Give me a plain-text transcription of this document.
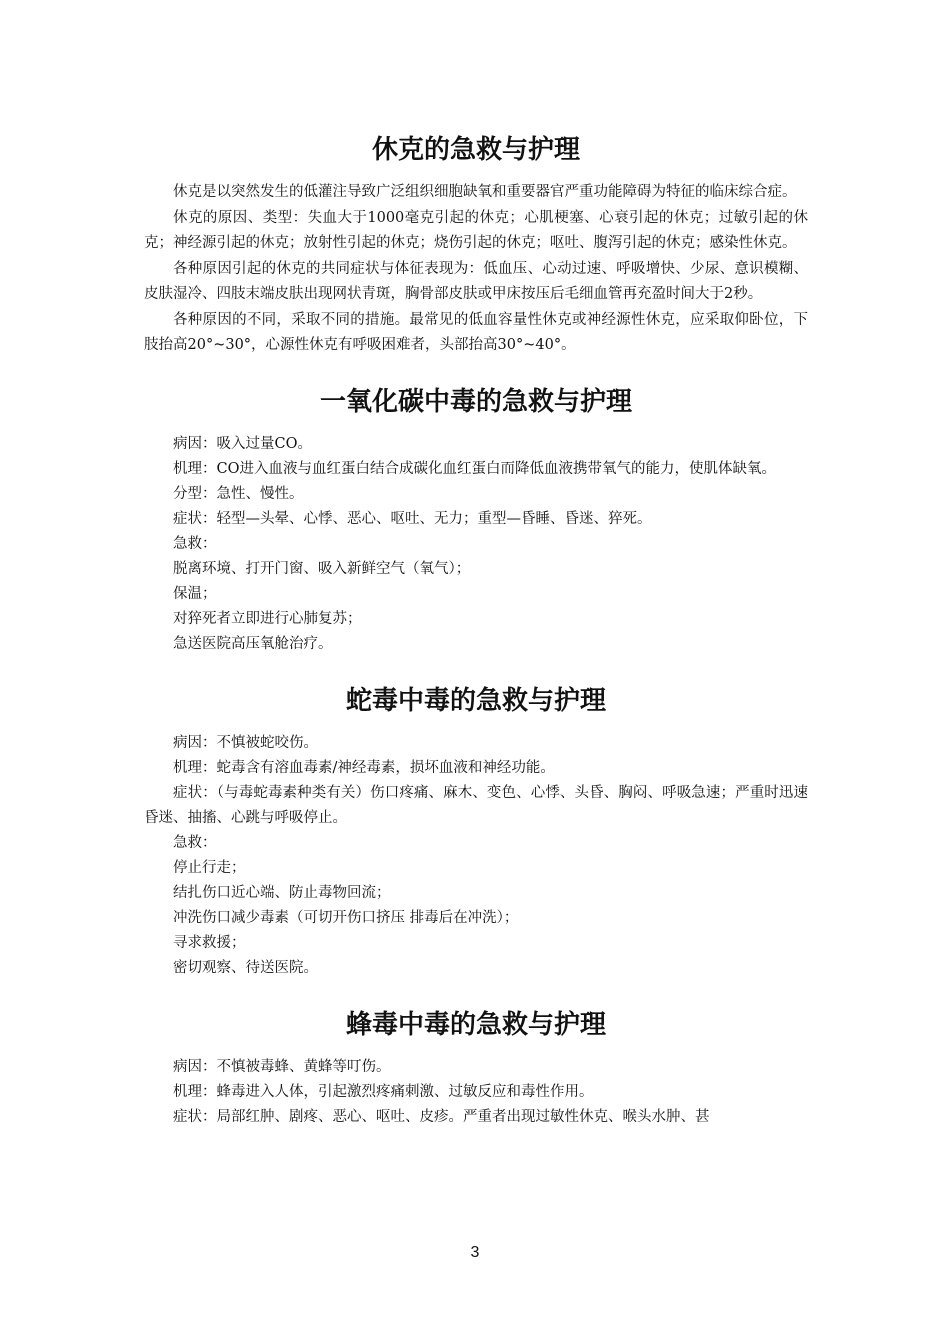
休克的急救与护理

休克是以突然发生的低灌注导致广泛组织细胞缺氧和重要器官严重功能障碍为特征的临床综合症。

休克的原因、类型：失血大于1000毫克引起的休克；心肌梗塞、心衰引起的休克；过敏引起的休克；神经源引起的休克；放射性引起的休克；烧伤引起的休克；呕吐、腹泻引起的休克；感染性休克。

各种原因引起的休克的共同症状与体征表现为：低血压、心动过速、呼吸增快、少尿、意识模糊、皮肤湿冷、四肢末端皮肤出现网状青斑，胸骨部皮肤或甲床按压后毛细血管再充盈时间大于2秒。

各种原因的不同，采取不同的措施。最常见的低血容量性休克或神经源性休克，应采取仰卧位，下肢抬高20°~30°，心源性休克有呼吸困难者，头部抬高30°~40°。

一氧化碳中毒的急救与护理

病因：吸入过量CO。

机理：CO进入血液与血红蛋白结合成碳化血红蛋白而降低血液携带氧气的能力，使肌体缺氧。

分型：急性、慢性。

症状：轻型—头晕、心悸、恶心、呕吐、无力；重型—昏睡、昏迷、猝死。

急救：

脱离环境、打开门窗、吸入新鲜空气（氧气）；

保温；

对猝死者立即进行心肺复苏；

急送医院高压氧舱治疗。

蛇毒中毒的急救与护理

病因：不慎被蛇咬伤。

机理：蛇毒含有溶血毒素/神经毒素，损坏血液和神经功能。

症状：（与毒蛇毒素种类有关）伤口疼痛、麻木、变色、心悸、头昏、胸闷、呼吸急速；严重时迅速昏迷、抽搐、心跳与呼吸停止。

急救：

停止行走；

结扎伤口近心端、防止毒物回流；

冲洗伤口减少毒素（可切开伤口挤压 排毒后在冲洗）；

寻求救援；

密切观察、待送医院。

蜂毒中毒的急救与护理

病因：不慎被毒蜂、黄蜂等叮伤。

机理：蜂毒进入人体，引起激烈疼痛刺激、过敏反应和毒性作用。

症状：局部红肿、剧疼、恶心、呕吐、皮疹。严重者出现过敏性休克、喉头水肿、甚

3
